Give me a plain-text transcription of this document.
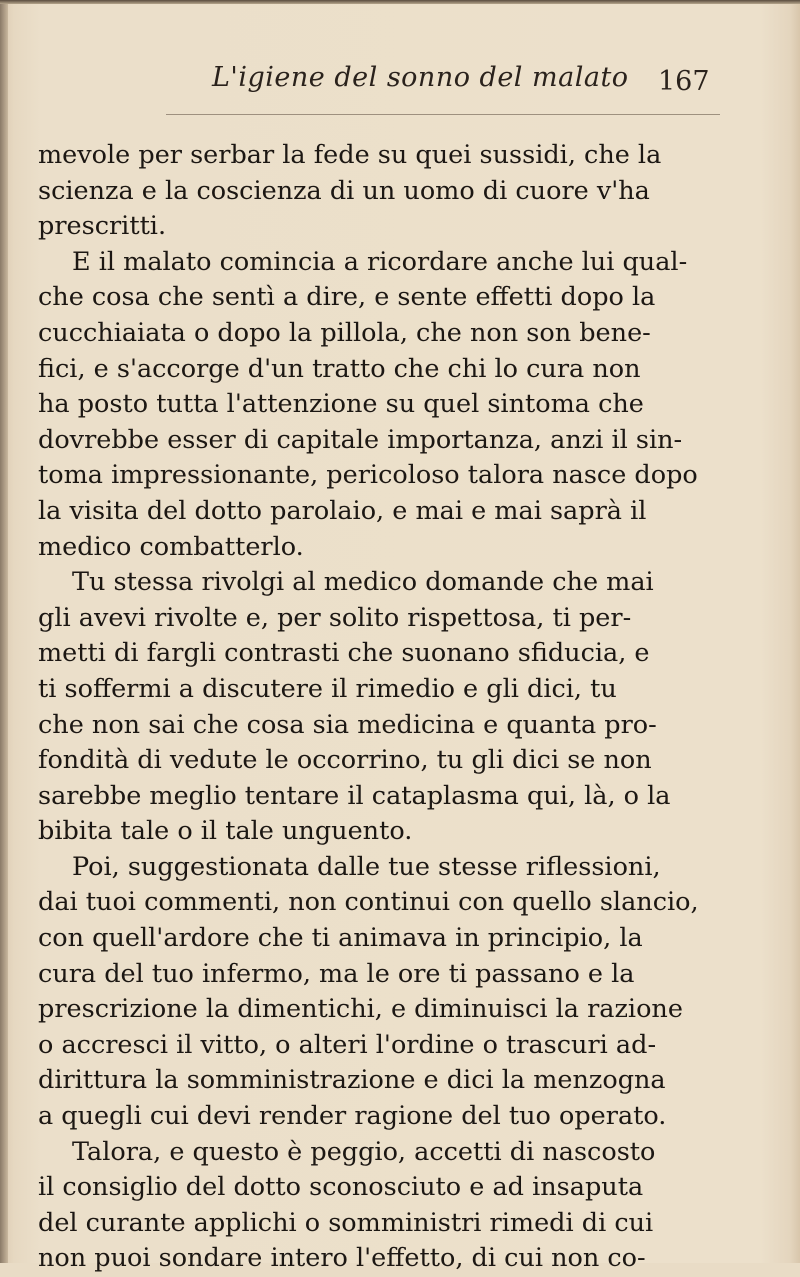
L'igiene del sonno del malato 167
mevole per serbar la fede su quei sussidi, che la
scienza e la coscienza di un uomo di cuore v'ha
prescritti.
E il malato comincia a ricordare anche lui qual-
che cosa che sentì a dire, e sente effetti dopo la
cucchiaiata o dopo la pillola, che non son bene-
fici, e s'accorge d'un tratto che chi lo cura non
ha posto tutta l'attenzione su quel sintoma che
dovrebbe esser di capitale importanza, anzi il sin-
toma impressionante, pericoloso talora nasce dopo
la visita del dotto parolaio, e mai e mai saprà il
medico combatterlo.
Tu stessa rivolgi al medico domande che mai
gli avevi rivolte e, per solito rispettosa, ti per-
metti di fargli contrasti che suonano sfiducia, e
ti soffermi a discutere il rimedio e gli dici, tu
che non sai che cosa sia medicina e quanta pro-
fondità di vedute le occorrino, tu gli dici se non
sarebbe meglio tentare il cataplasma qui, là, o la
bibita tale o il tale unguento.
Poi, suggestionata dalle tue stesse riflessioni,
dai tuoi commenti, non continui con quello slancio,
con quell'ardore che ti animava in principio, la
cura del tuo infermo, ma le ore ti passano e la
prescrizione la dimentichi, e diminuisci la razione
o accresci il vitto, o alteri l'ordine o trascuri ad-
dirittura la somministrazione e dici la menzogna
a quegli cui devi render ragione del tuo operato.
Talora, e questo è peggio, accetti di nascosto
il consiglio del dotto sconosciuto e ad insaputa
del curante applichi o somministri rimedi di cui
non puoi sondare intero l'effetto, di cui non co-
